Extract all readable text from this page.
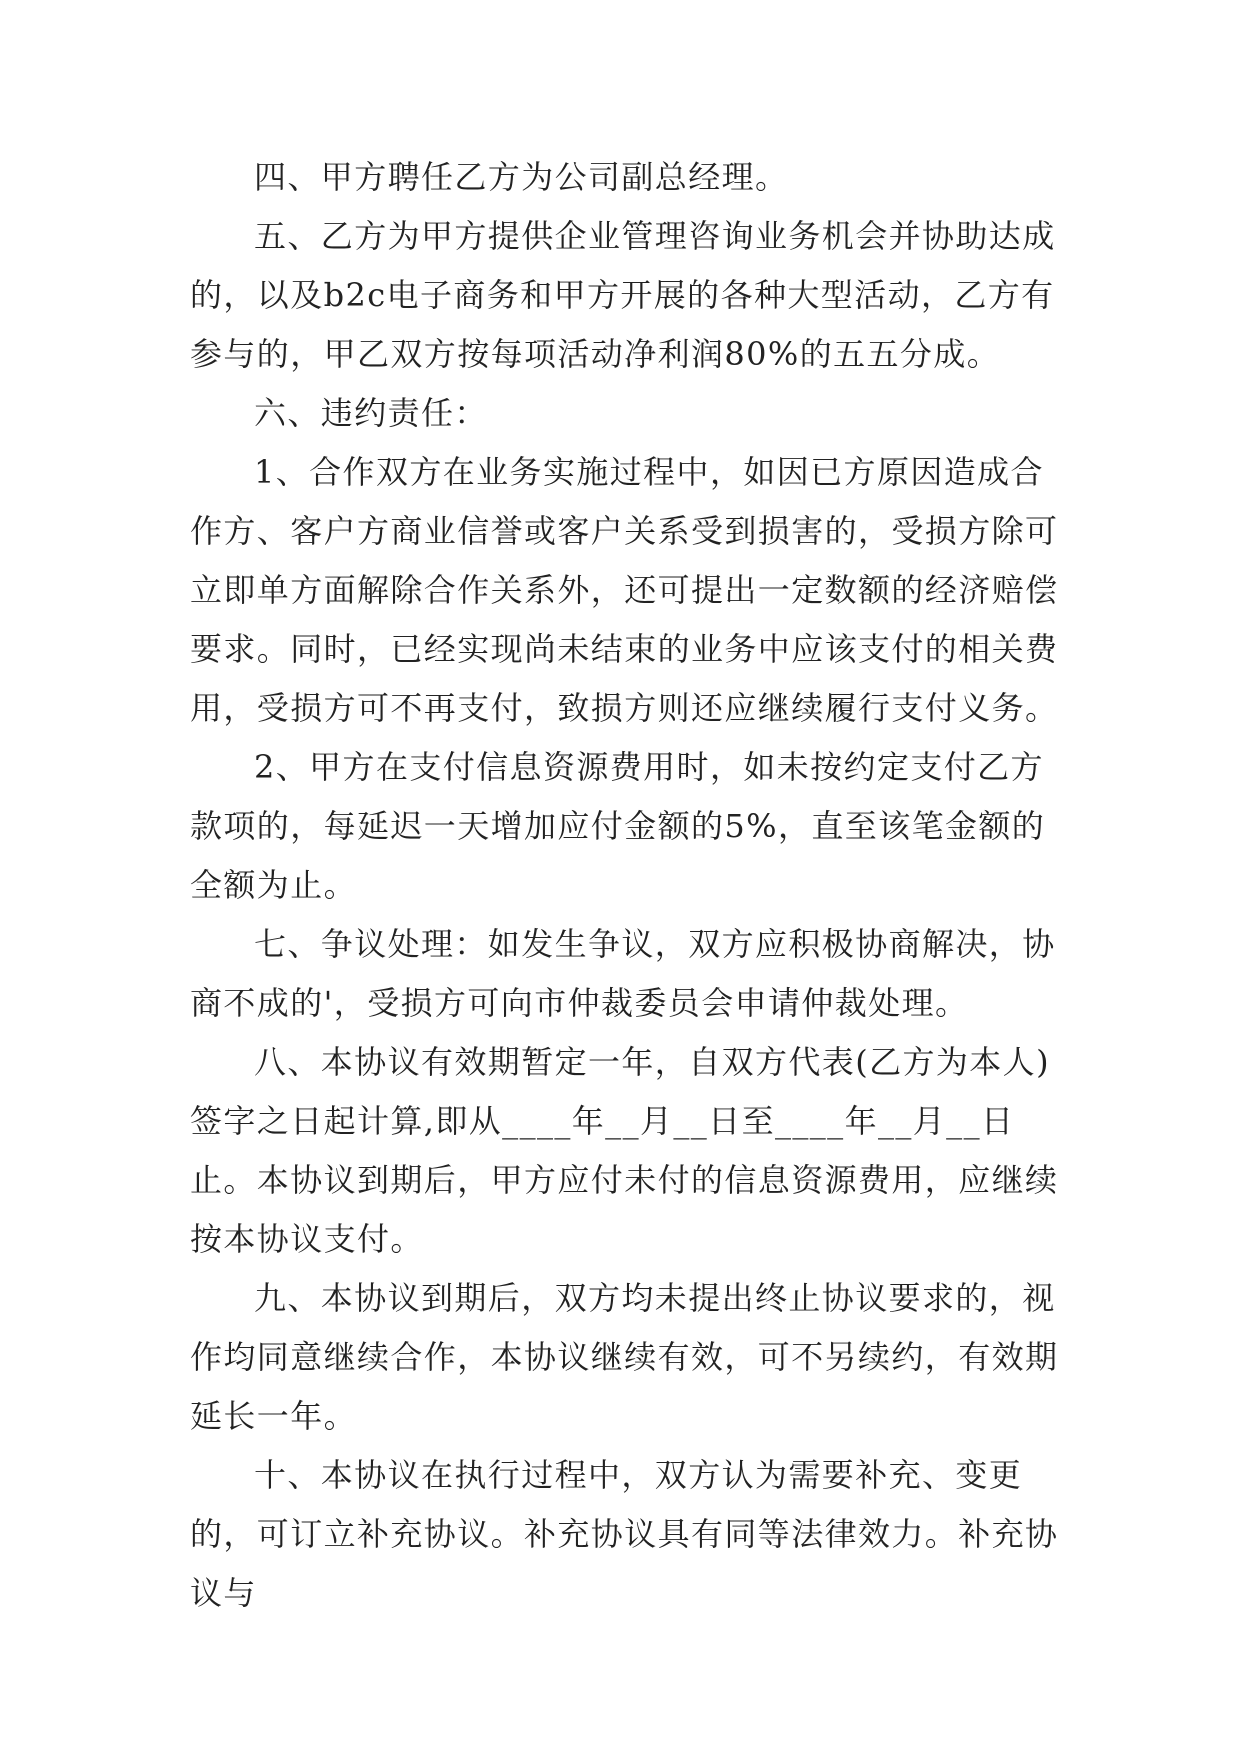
四、甲方聘任乙方为公司副总经理。

五、乙方为甲方提供企业管理咨询业务机会并协助达成的，以及b2c电子商务和甲方开展的各种大型活动，乙方有参与的，甲乙双方按每项活动净利润80%的五五分成。

六、违约责任：

1、合作双方在业务实施过程中，如因已方原因造成合作方、客户方商业信誉或客户关系受到损害的，受损方除可立即单方面解除合作关系外，还可提出一定数额的经济赔偿要求。同时，已经实现尚未结束的业务中应该支付的相关费用，受损方可不再支付，致损方则还应继续履行支付义务。

2、甲方在支付信息资源费用时，如未按约定支付乙方款项的，每延迟一天增加应付金额的5%，直至该笔金额的全额为止。

七、争议处理：如发生争议，双方应积极协商解决，协商不成的'，受损方可向市仲裁委员会申请仲裁处理。

八、本协议有效期暂定一年，自双方代表(乙方为本人)签字之日起计算,即从____年__月__日至____年__月__日止。本协议到期后，甲方应付未付的信息资源费用，应继续按本协议支付。

九、本协议到期后，双方均未提出终止协议要求的，视作均同意继续合作，本协议继续有效，可不另续约，有效期延长一年。

十、本协议在执行过程中，双方认为需要补充、变更的，可订立补充协议。补充协议具有同等法律效力。补充协议与
